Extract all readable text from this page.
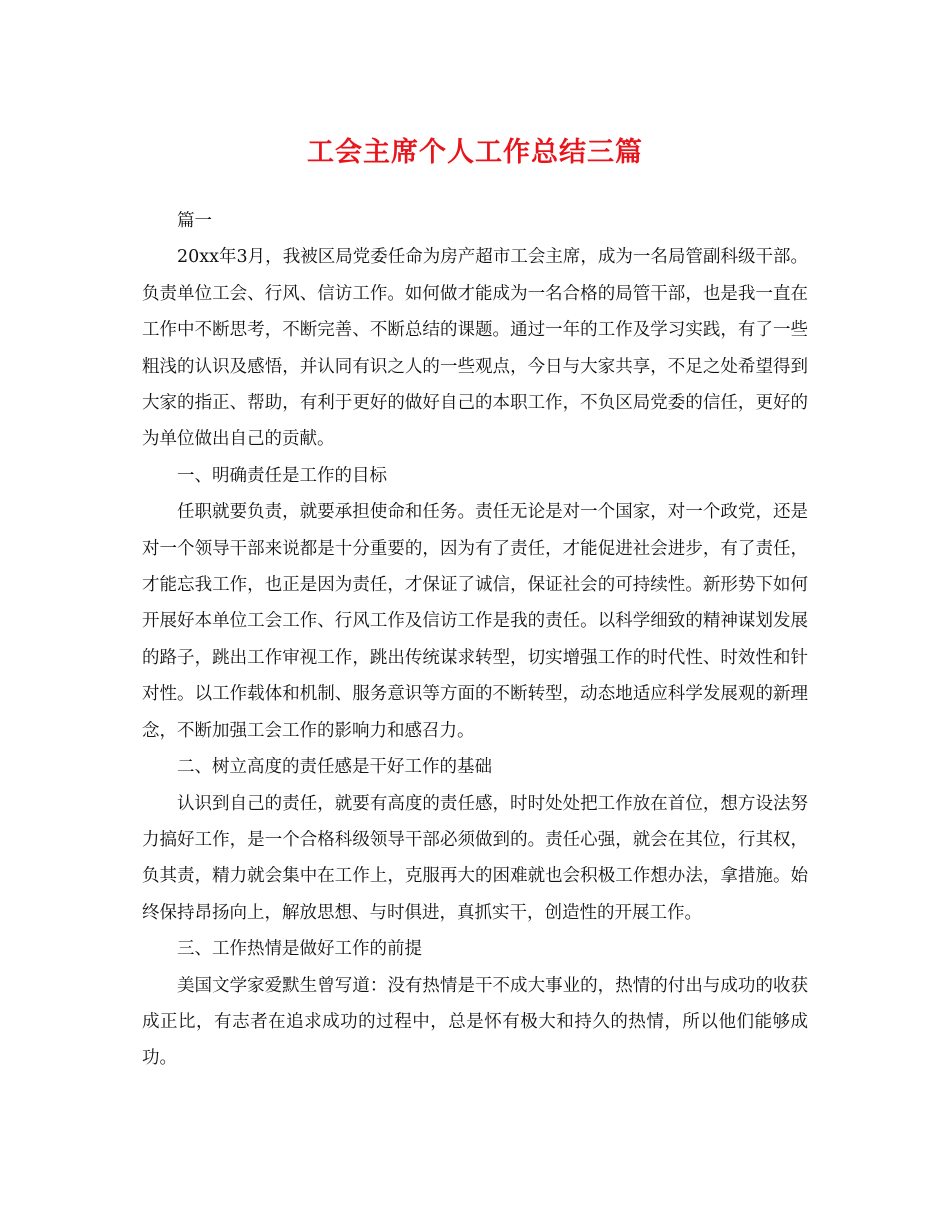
工会主席个人工作总结三篇

篇一

20xx年3月，我被区局党委任命为房产超市工会主席，成为一名局管副科级干部。负责单位工会、行风、信访工作。如何做才能成为一名合格的局管干部，也是我一直在工作中不断思考，不断完善、不断总结的课题。通过一年的工作及学习实践，有了一些粗浅的认识及感悟，并认同有识之人的一些观点，今日与大家共享，不足之处希望得到大家的指正、帮助，有利于更好的做好自己的本职工作，不负区局党委的信任，更好的为单位做出自己的贡献。

一、明确责任是工作的目标

任职就要负责，就要承担使命和任务。责任无论是对一个国家，对一个政党，还是对一个领导干部来说都是十分重要的，因为有了责任，才能促进社会进步，有了责任，才能忘我工作，也正是因为责任，才保证了诚信，保证社会的可持续性。新形势下如何开展好本单位工会工作、行风工作及信访工作是我的责任。以科学细致的精神谋划发展的路子，跳出工作审视工作，跳出传统谋求转型，切实增强工作的时代性、时效性和针对性。以工作载体和机制、服务意识等方面的不断转型，动态地适应科学发展观的新理念，不断加强工会工作的影响力和感召力。

二、树立高度的责任感是干好工作的基础

认识到自己的责任，就要有高度的责任感，时时处处把工作放在首位，想方设法努力搞好工作，是一个合格科级领导干部必须做到的。责任心强，就会在其位，行其权，负其责，精力就会集中在工作上，克服再大的困难就也会积极工作想办法，拿措施。始终保持昂扬向上，解放思想、与时俱进，真抓实干，创造性的开展工作。

三、工作热情是做好工作的前提

美国文学家爱默生曾写道：没有热情是干不成大事业的，热情的付出与成功的收获成正比，有志者在追求成功的过程中，总是怀有极大和持久的热情，所以他们能够成功。
